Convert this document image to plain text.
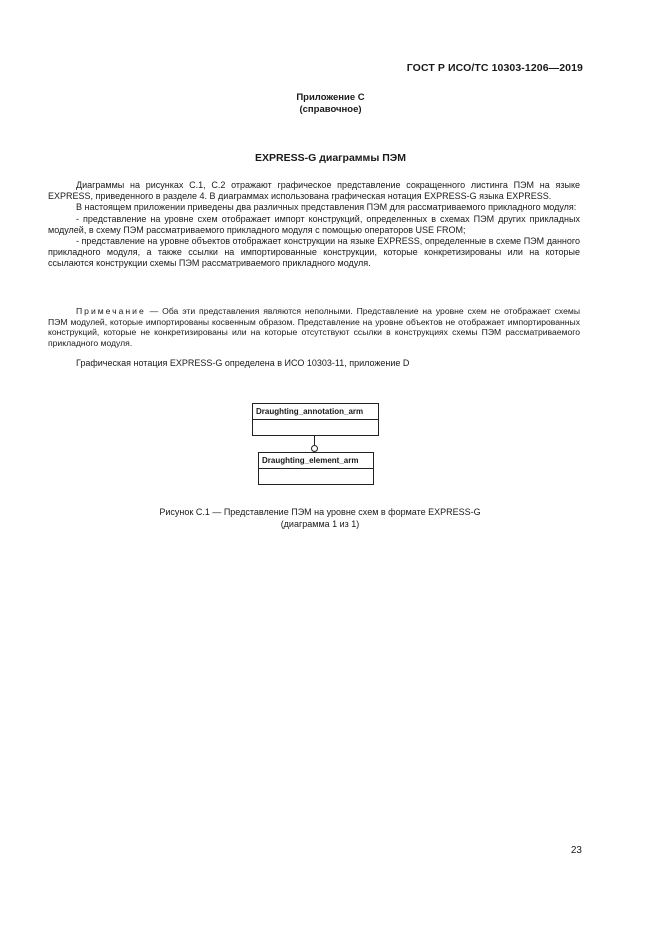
ГОСТ Р ИСО/ТС 10303-1206—2019
Приложение С
(справочное)
EXPRESS-G диаграммы ПЭМ

Диаграммы на рисунках С.1, С.2 отражают графическое представление сокращенного листинга ПЭМ на языке EXPRESS, приведенного в разделе 4. В диаграммах использована графическая нотация EXPRESS-G языка EXPRESS.

В настоящем приложении приведены два различных представления ПЭМ для рассматриваемого прикладного модуля:

- представление на уровне схем отображает импорт конструкций, определенных в схемах ПЭМ других прикладных модулей, в схему ПЭМ рассматриваемого прикладного модуля с помощью операторов USE FROM;

- представление на уровне объектов отображает конструкции на языке EXPRESS, определенные в схеме ПЭМ данного прикладного модуля, а также ссылки на импортированные конструкции, которые конкретизированы или на которые ссылаются конструкции схемы ПЭМ рассматриваемого прикладного модуля.

Примечание — Оба эти представления являются неполными. Представление на уровне схем не отображает схемы ПЭМ модулей, которые импортированы косвенным образом. Представление на уровне объектов не отображает импортированных конструкций, которые не конкретизированы или на которые отсутствуют ссылки в конструкциях схемы ПЭМ рассматриваемого прикладного модуля.

Графическая нотация EXPRESS-G определена в ИСО 10303-11, приложение D

Draughting_annotation_arm
Draughting_element_arm
Рисунок С.1 — Представление ПЭМ на уровне схем в формате EXPRESS-G
(диаграмма 1 из 1)
23
